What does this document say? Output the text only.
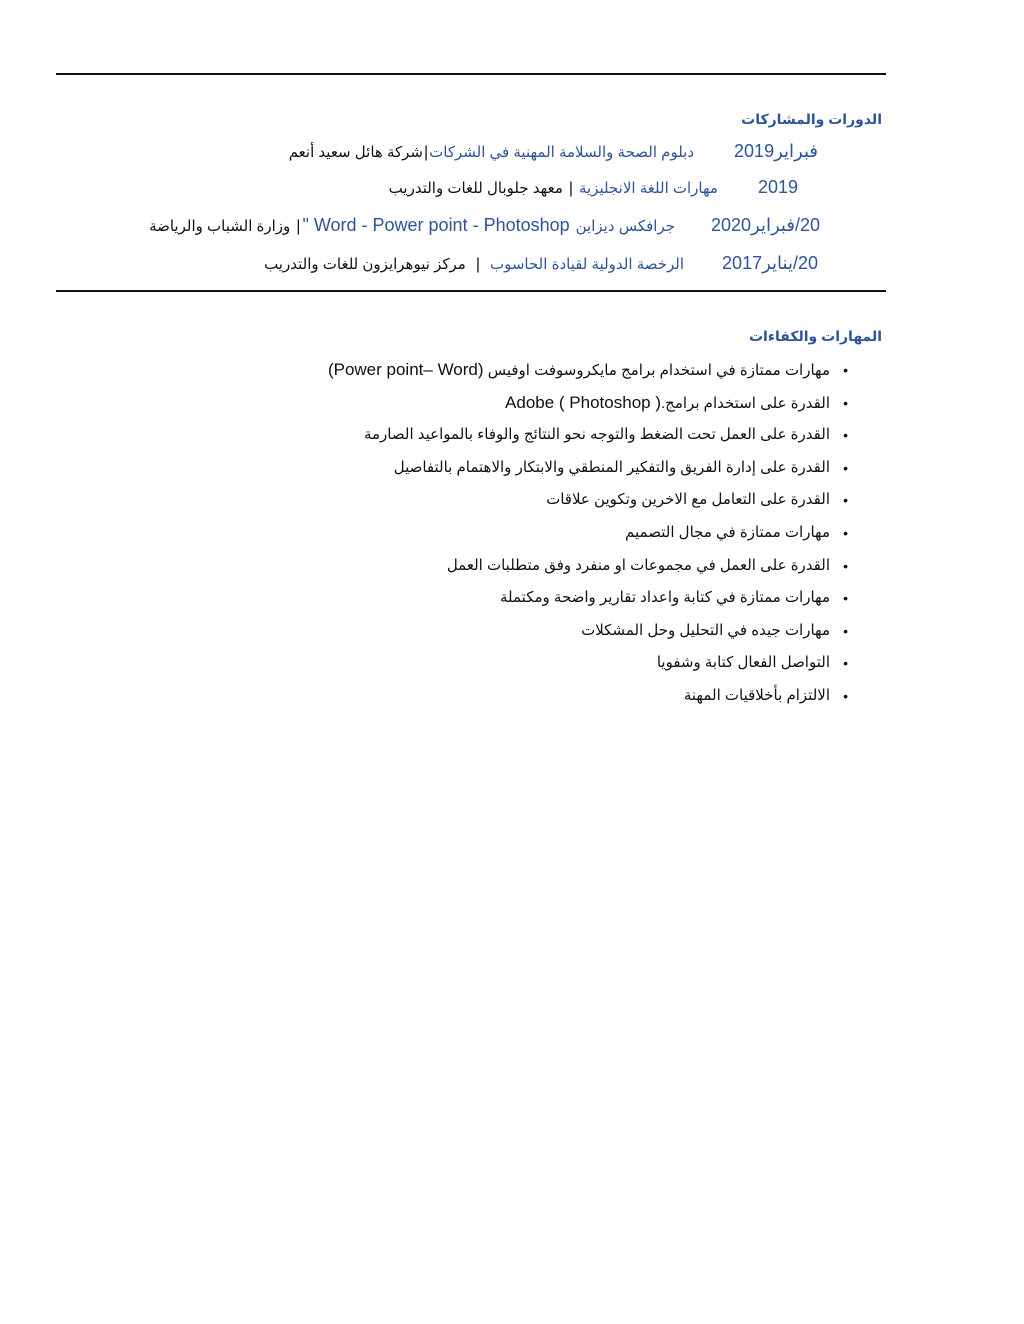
الدورات والمشاركات
فبراير2019
دبلوم الصحة والسلامة المهنية في الشركات
|
شركة هائل سعيد أنعم
2019
مهارات اللغة الانجليزية
|
معهد جلوبال للغات والتدريب
20/فبراير2020
جرافكس ديزاين
" Word - Power point - Photoshop
|
وزارة الشباب والرياضة
20/يناير2017
الرخصة الدولية لقيادة الحاسوب
|
مركز نيوهرايزون للغات والتدريب
المهارات والكفاءات
•
مهارات ممتازة في استخدام برامج مايكروسوفت اوفيس (Power point– Word)
•
القدرة على استخدام برامج.Adobe ( Photoshop )
•
القدرة على العمل تحت الضغط والتوجه نحو النتائج والوفاء بالمواعيد الصارمة
•
القدرة على إدارة الفريق والتفكير المنطقي والابتكار والاهتمام بالتفاصيل
•
القدرة على التعامل مع الاخرين وتكوين علاقات
•
مهارات ممتازة في مجال التصميم
•
القدرة على العمل في مجموعات او منفرد وفق متطلبات العمل
•
مهارات ممتازة في كتابة واعداد تقارير واضحة ومكتملة
•
مهارات جيده في التحليل وحل المشكلات
•
التواصل الفعال كتابة وشفويا
•
الالتزام بأخلاقيات المهنة
